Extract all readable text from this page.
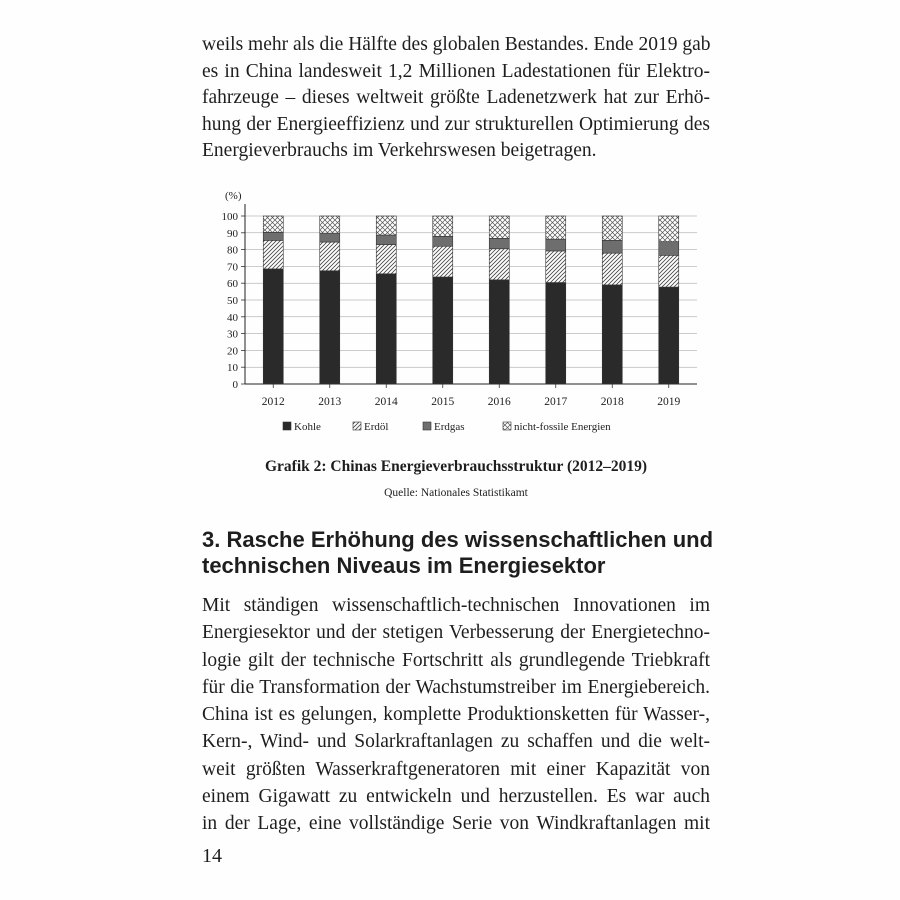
weils mehr als die Hälfte des globalen Bestandes. Ende 2019 gab
es in China landesweit 1,2 Millionen Ladestationen für Elektro-
fahrzeuge – dieses weltweit größte Ladenetzwerk hat zur Erhö-
hung der Energieeffizienz und zur strukturellen Optimierung des
Energieverbrauchs im Verkehrswesen beigetragen.
(%)
0
10
20
30
40
50
60
70
80
90
100
2012	2013	2014	2015	2016	2017	2018	2019
Kohle	Erdöl	Erdgas	nicht-fossile Energien
Grafik 2: Chinas Energieverbrauchsstruktur (2012–2019)
Quelle: Nationales Statistikamt
3. Rasche Erhöhung des wissenschaftlichen und
technischen Niveaus im Energiesektor
Mit ständigen wissenschaftlich-technischen Innovationen im
Energiesektor und der stetigen Verbesserung der Energietechno-
logie gilt der technische Fortschritt als grundlegende Triebkraft
für die Transformation der Wachstumstreiber im Energiebereich.
China ist es gelungen, komplette Produktionsketten für Wasser-,
Kern-, Wind- und Solarkraftanlagen zu schaffen und die welt-
weit größten Wasserkraftgeneratoren mit einer Kapazität von
einem Gigawatt zu entwickeln und herzustellen. Es war auch
in der Lage, eine vollständige Serie von Windkraftanlagen mit
14
